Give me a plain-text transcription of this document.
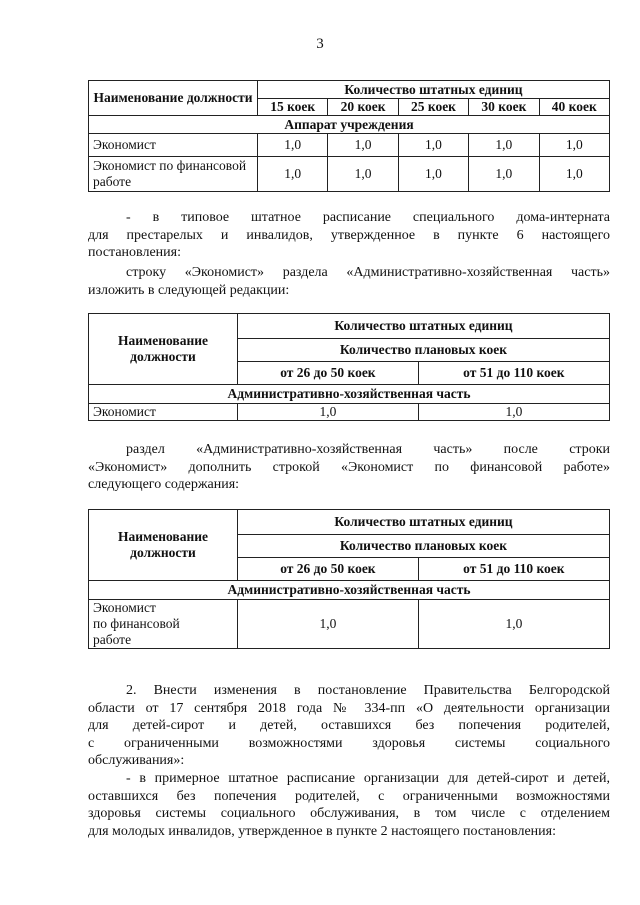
3
Наименование должности	Количество штатных единиц				
	15 коек	20 коек	25 коек	30 коек	40 коек
Аппарат учреждения					
Экономист	1,0	1,0	1,0	1,0	1,0
Экономист по финансовой работе	1,0	1,0	1,0	1,0	1,0

- в типовое штатное расписание специального дома-интерната

для престарелых и инвалидов, утвержденное в пункте 6 настоящего

постановления:

строку «Экономист» раздела «Административно-хозяйственная часть»

изложить в следующей редакции:

Наименование должности	Количество штатных единиц	
	Количество плановых коек	
	от 26 до 50 коек	от 51 до 110 коек
Административно-хозяйственная часть		
Экономист	1,0	1,0

раздел «Административно-хозяйственная часть» после строки

«Экономист» дополнить строкой «Экономист по финансовой работе»

следующего содержания:

Наименование должности	Количество штатных единиц	
	Количество плановых коек	
	от 26 до 50 коек	от 51 до 110 коек
Административно-хозяйственная часть		

Экономист
по финансовой
работе	1,0	1,0

2. Внести изменения в постановление Правительства Белгородской

области от 17 сентября 2018 года № 334-пп «О деятельности организации

для детей-сирот и детей, оставшихся без попечения родителей,

с ограниченными возможностями здоровья системы социального

обслуживания»:

- в примерное штатное расписание организации для детей-сирот и детей,

оставшихся без попечения родителей, с ограниченными возможностями

здоровья системы социального обслуживания, в том числе с отделением

для молодых инвалидов, утвержденное в пункте 2 настоящего постановления:
